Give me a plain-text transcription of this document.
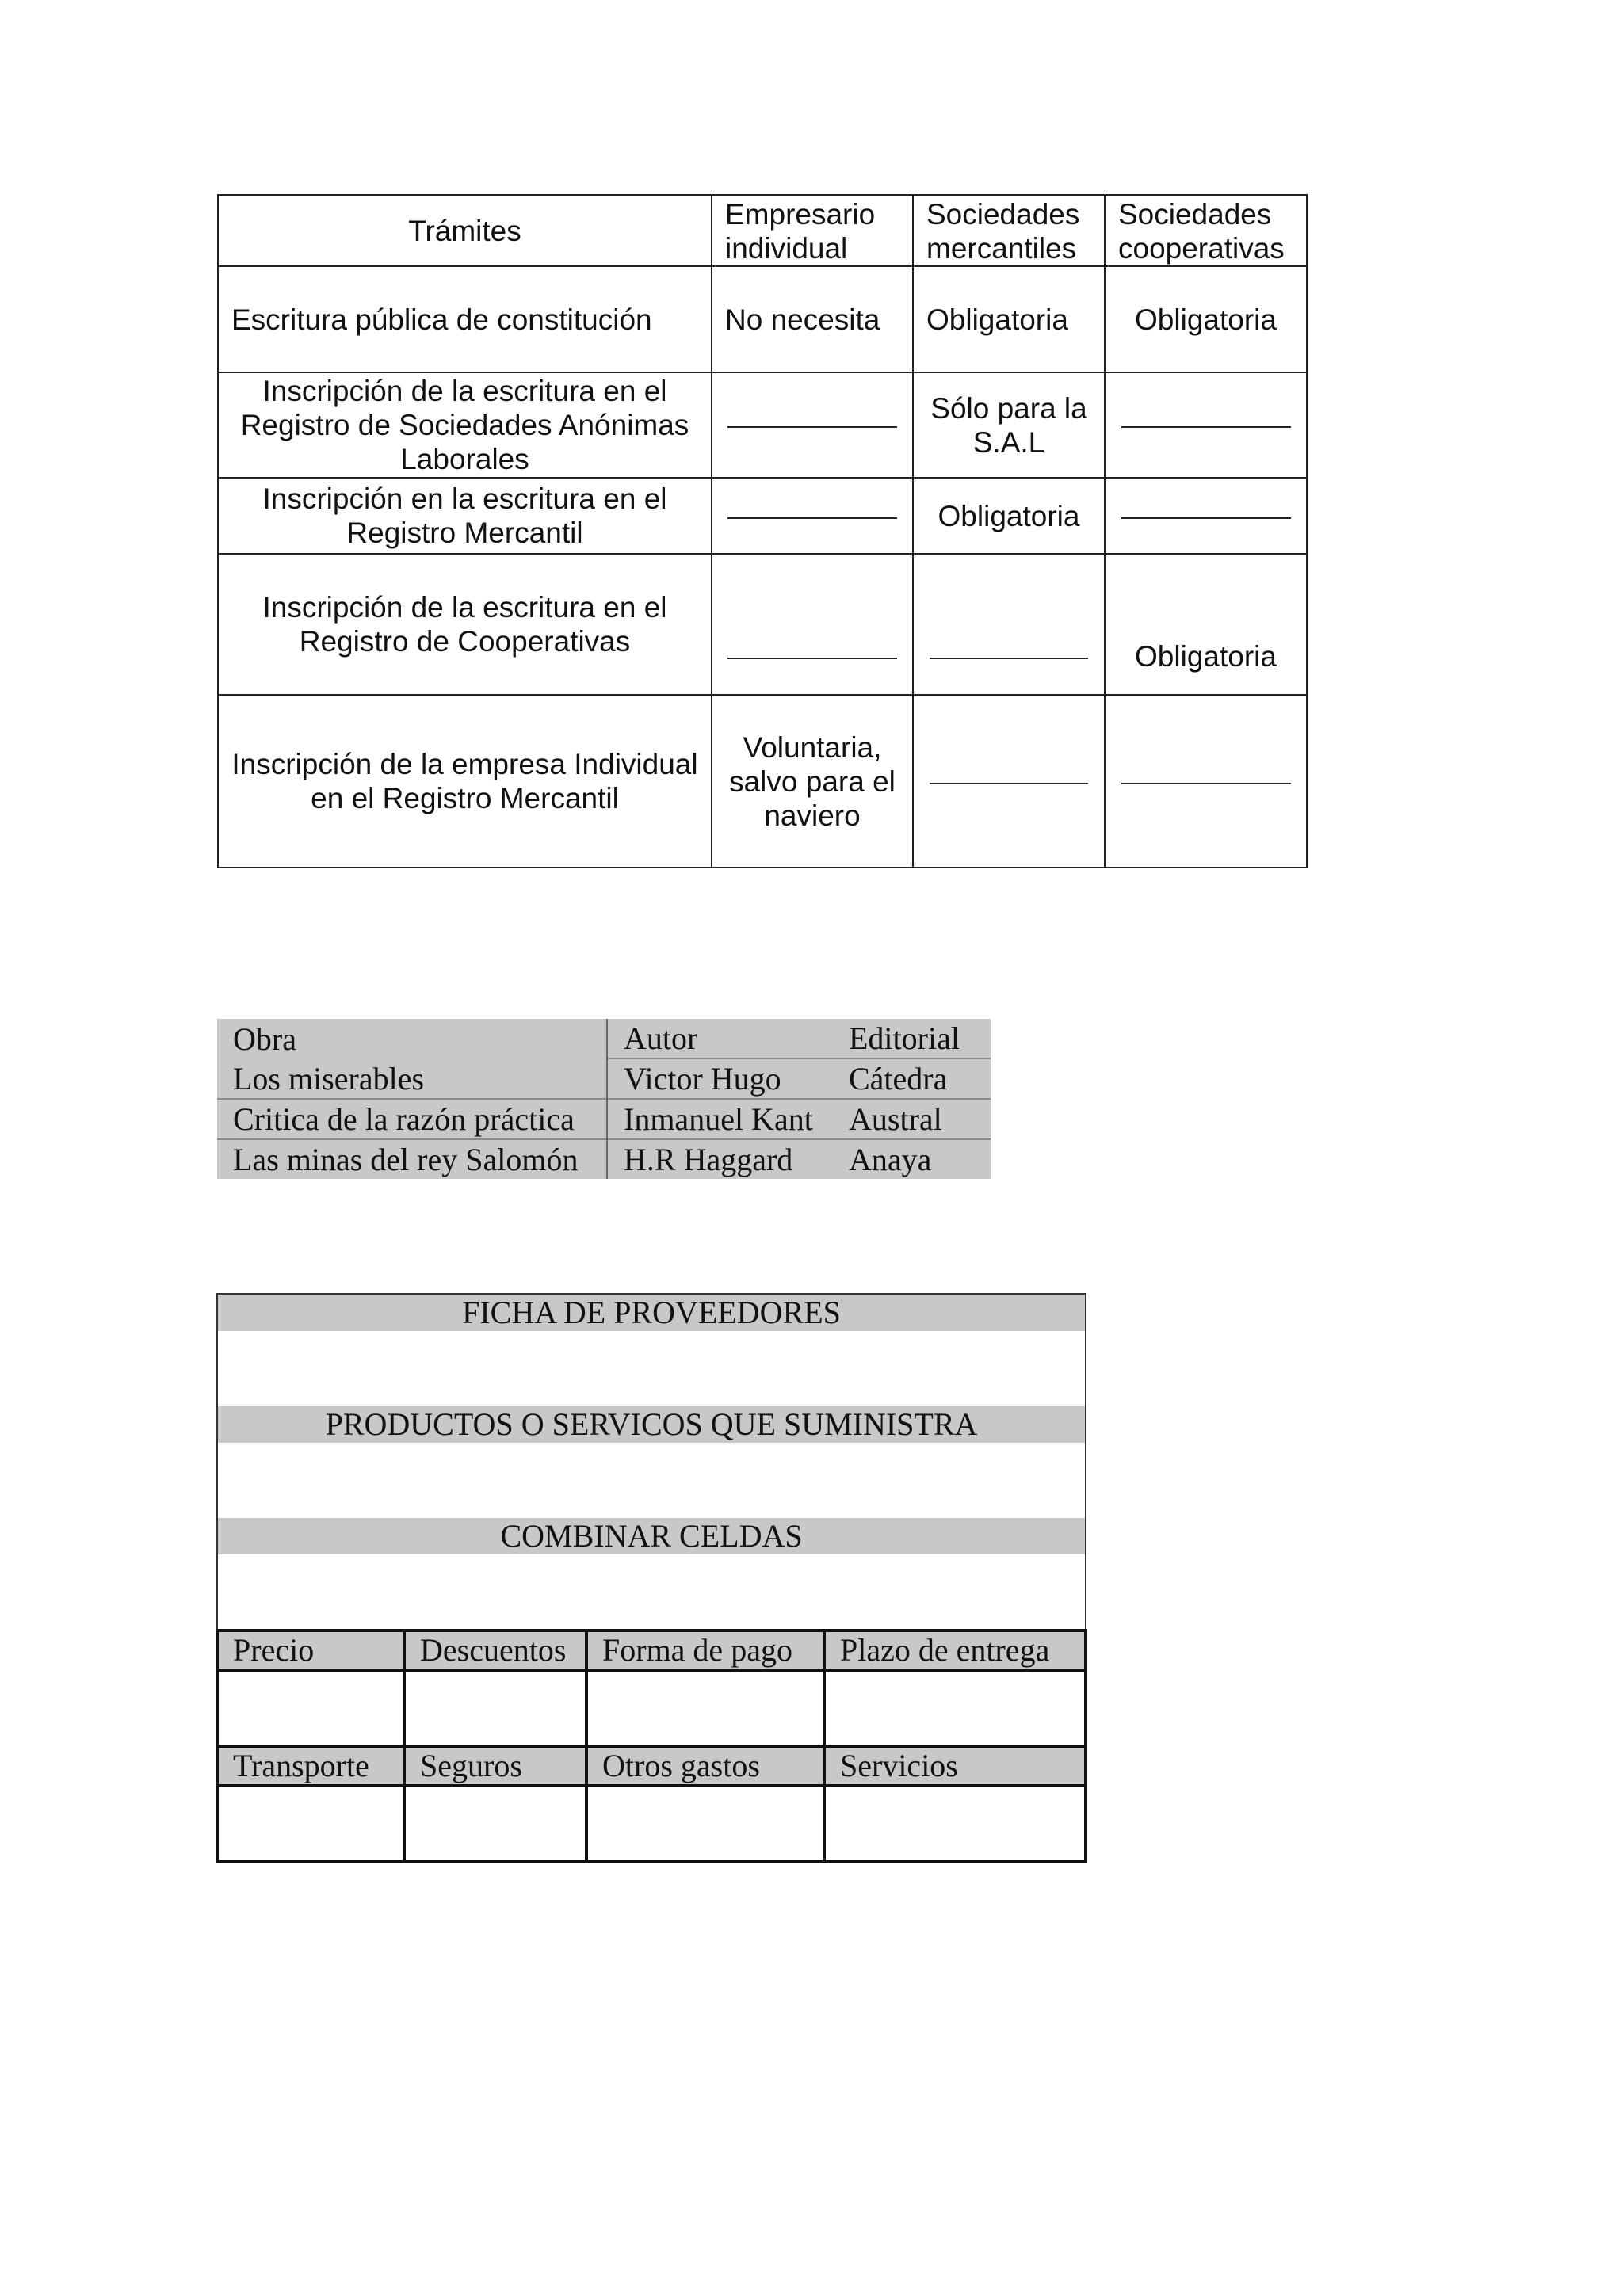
Trámites	Empresario individual	Sociedades mercantiles	Sociedades cooperativas
Escritura pública de constitución	No necesita	Obligatoria	Obligatoria
Inscripción de la escritura en el Registro de Sociedades Anónimas Laborales		Sólo para la S.A.L	
Inscripción en la escritura en el Registro Mercantil		Obligatoria	
Inscripción de la escritura en el Registro de Cooperativas			Obligatoria
Inscripción de la empresa Individual en el Registro Mercantil	Voluntaria, salvo para el naviero		
Obra	Autor	Editorial
Los miserables	Victor Hugo	Cátedra
Critica de la razón práctica	Inmanuel Kant	Austral
Las minas del rey Salomón	H.R Haggard	Anaya
FICHA DE PROVEEDORES			

PRODUCTOS O SERVICOS QUE SUMINISTRA			

COMBINAR CELDAS			

Precio	Descuentos	Forma de pago	Plazo de entrega

Transporte	Seguros	Otros gastos	Servicios
